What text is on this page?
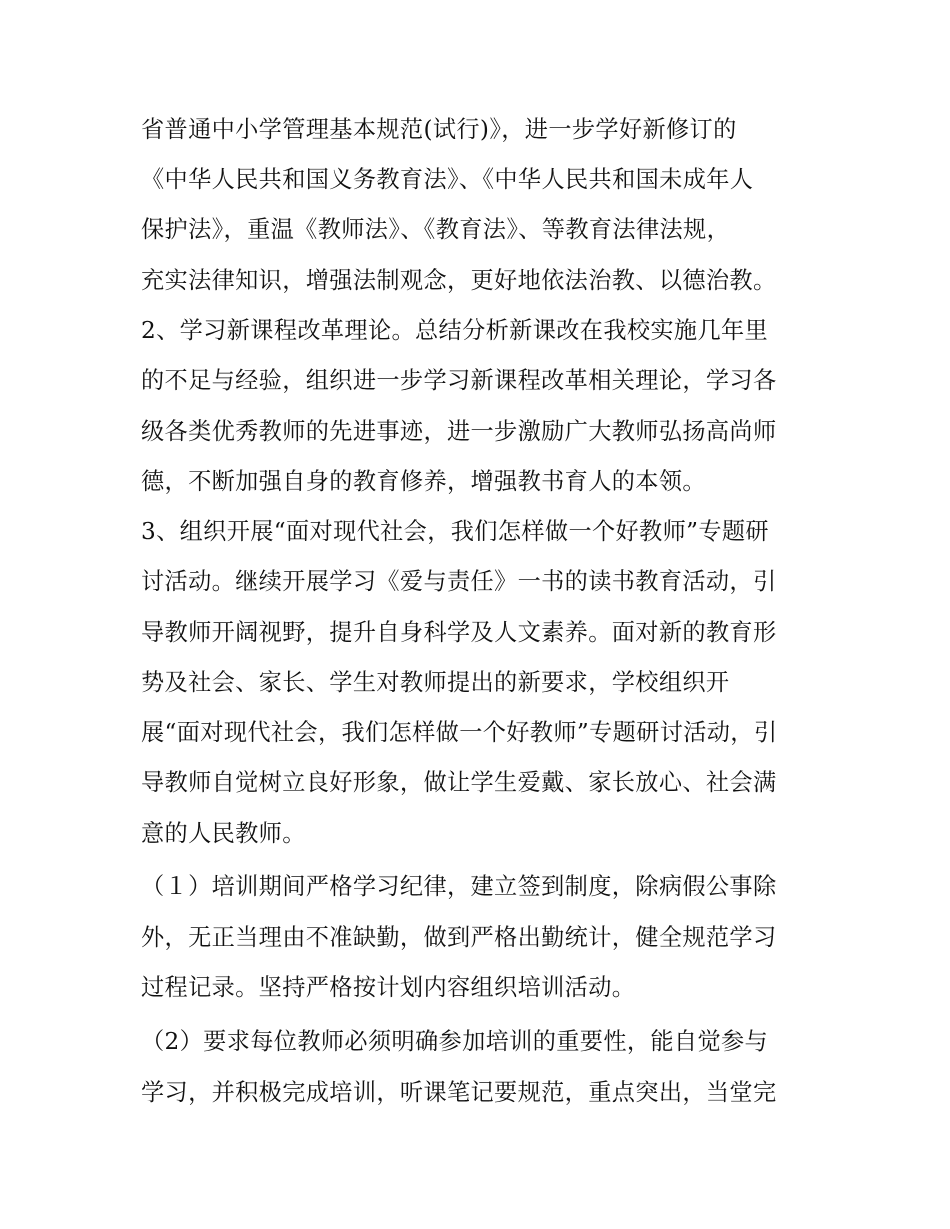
省普通中小学管理基本规范(试行)》，进一步学好新修订的
《中华人民共和国义务教育法》、《中华人民共和国未成年人
保护法》，重温《教师法》、《教育法》、等教育法律法规，
充实法律知识，增强法制观念，更好地依法治教、以德治教。
2、学习新课程改革理论。总结分析新课改在我校实施几年里
的不足与经验，组织进一步学习新课程改革相关理论，学习各
级各类优秀教师的先进事迹，进一步激励广大教师弘扬高尚师
德，不断加强自身的教育修养，增强教书育人的本领。
3、组织开展“面对现代社会，我们怎样做一个好教师”专题研
讨活动。继续开展学习《爱与责任》一书的读书教育活动，引
导教师开阔视野，提升自身科学及人文素养。面对新的教育形
势及社会、家长、学生对教师提出的新要求，学校组织开
展“面对现代社会，我们怎样做一个好教师”专题研讨活动，引
导教师自觉树立良好形象，做让学生爱戴、家长放心、社会满
意的人民教师。
（１）培训期间严格学习纪律，建立签到制度，除病假公事除
外，无正当理由不准缺勤，做到严格出勤统计，健全规范学习
过程记录。坚持严格按计划内容组织培训活动。
（2）要求每位教师必须明确参加培训的重要性，能自觉参与
学习，并积极完成培训，听课笔记要规范，重点突出，当堂完
